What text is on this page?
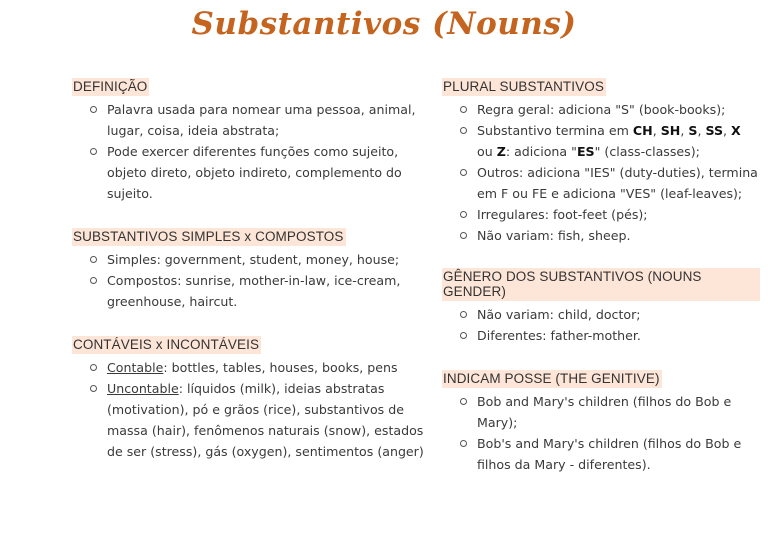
Substantivos (Nouns)
DEFINIÇÃO
Palavra usada para nomear uma pessoa, animal, lugar, coisa, ideia abstrata;
Pode exercer diferentes funções como sujeito, objeto direto, objeto indireto, complemento do sujeito.
SUBSTANTIVOS SIMPLES x COMPOSTOS
Simples: government, student, money, house;
Compostos: sunrise, mother-in-law, ice-cream, greenhouse, haircut.
CONTÁVEIS x INCONTÁVEIS
Contable: bottles, tables, houses, books, pens
Uncontable: líquidos (milk), ideias abstratas (motivation), pó e grãos (rice), substantivos de massa (hair), fenômenos naturais (snow), estados de ser (stress), gás (oxygen), sentimentos (anger)
PLURAL SUBSTANTIVOS
Regra geral: adiciona "S" (book-books);
Substantivo termina em CH, SH, S, SS, X ou Z: adiciona "ES" (class-classes);
Outros: adiciona "IES" (duty-duties), termina em F ou FE e adiciona "VES" (leaf-leaves);
Irregulares: foot-feet (pés);
Não variam: fish, sheep.
GÊNERO DOS SUBSTANTIVOS (NOUNS GENDER)
Não variam: child, doctor;
Diferentes: father-mother.
INDICAM POSSE (THE GENITIVE)
Bob and Mary's children (filhos do Bob e Mary);
Bob's and Mary's children (filhos do Bob e filhos da Mary - diferentes).
